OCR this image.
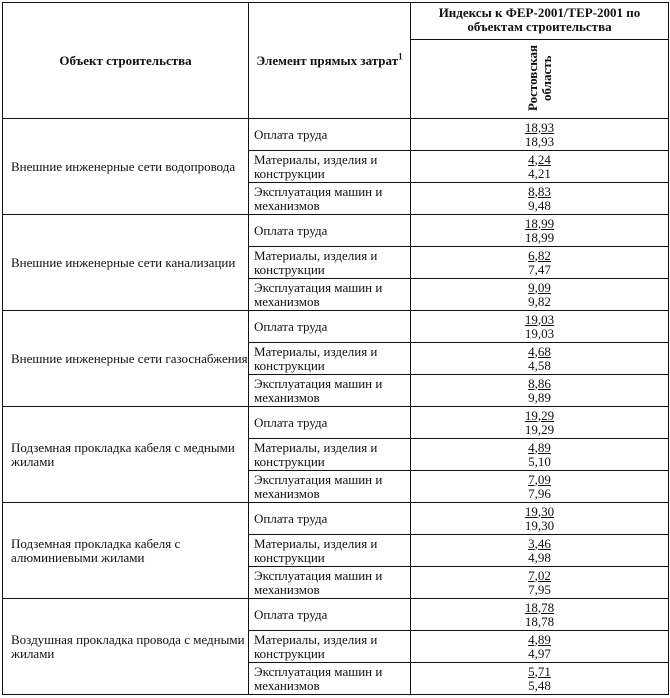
Объект строительства	Элемент прямых затрат$^1$	Индексы к ФЕР-2001/ТЕР-2001 по объектам строительства
		Ростовская область
Внешние инженерные сети водопровода	Оплата труда	18,93
18,93

	Материалы, изделия и конструкции	4,24
4,21

	Эксплуатация машин и механизмов	8,83
9,48

Внешние инженерные сети канализации	Оплата труда	18,99
18,99

	Материалы, изделия и конструкции	6,82
7,47

	Эксплуатация машин и механизмов	9,09
9,82

Внешние инженерные сети газоснабжения	Оплата труда	19,03
19,03

	Материалы, изделия и конструкции	4,68
4,58

	Эксплуатация машин и механизмов	8,86
9,89

Подземная прокладка кабеля с медными жилами	Оплата труда	19,29
19,29

	Материалы, изделия и конструкции	4,89
5,10

	Эксплуатация машин и механизмов	7,09
7,96

Подземная прокладка кабеля с алюминиевыми жилами	Оплата труда	19,30
19,30

	Материалы, изделия и конструкции	3,46
4,98

	Эксплуатация машин и механизмов	7,02
7,95

Воздушная прокладка провода с медными жилами	Оплата труда	18,78
18,78

	Материалы, изделия и конструкции	4,89
4,97

	Эксплуатация машин и механизмов	5,71
5,48
